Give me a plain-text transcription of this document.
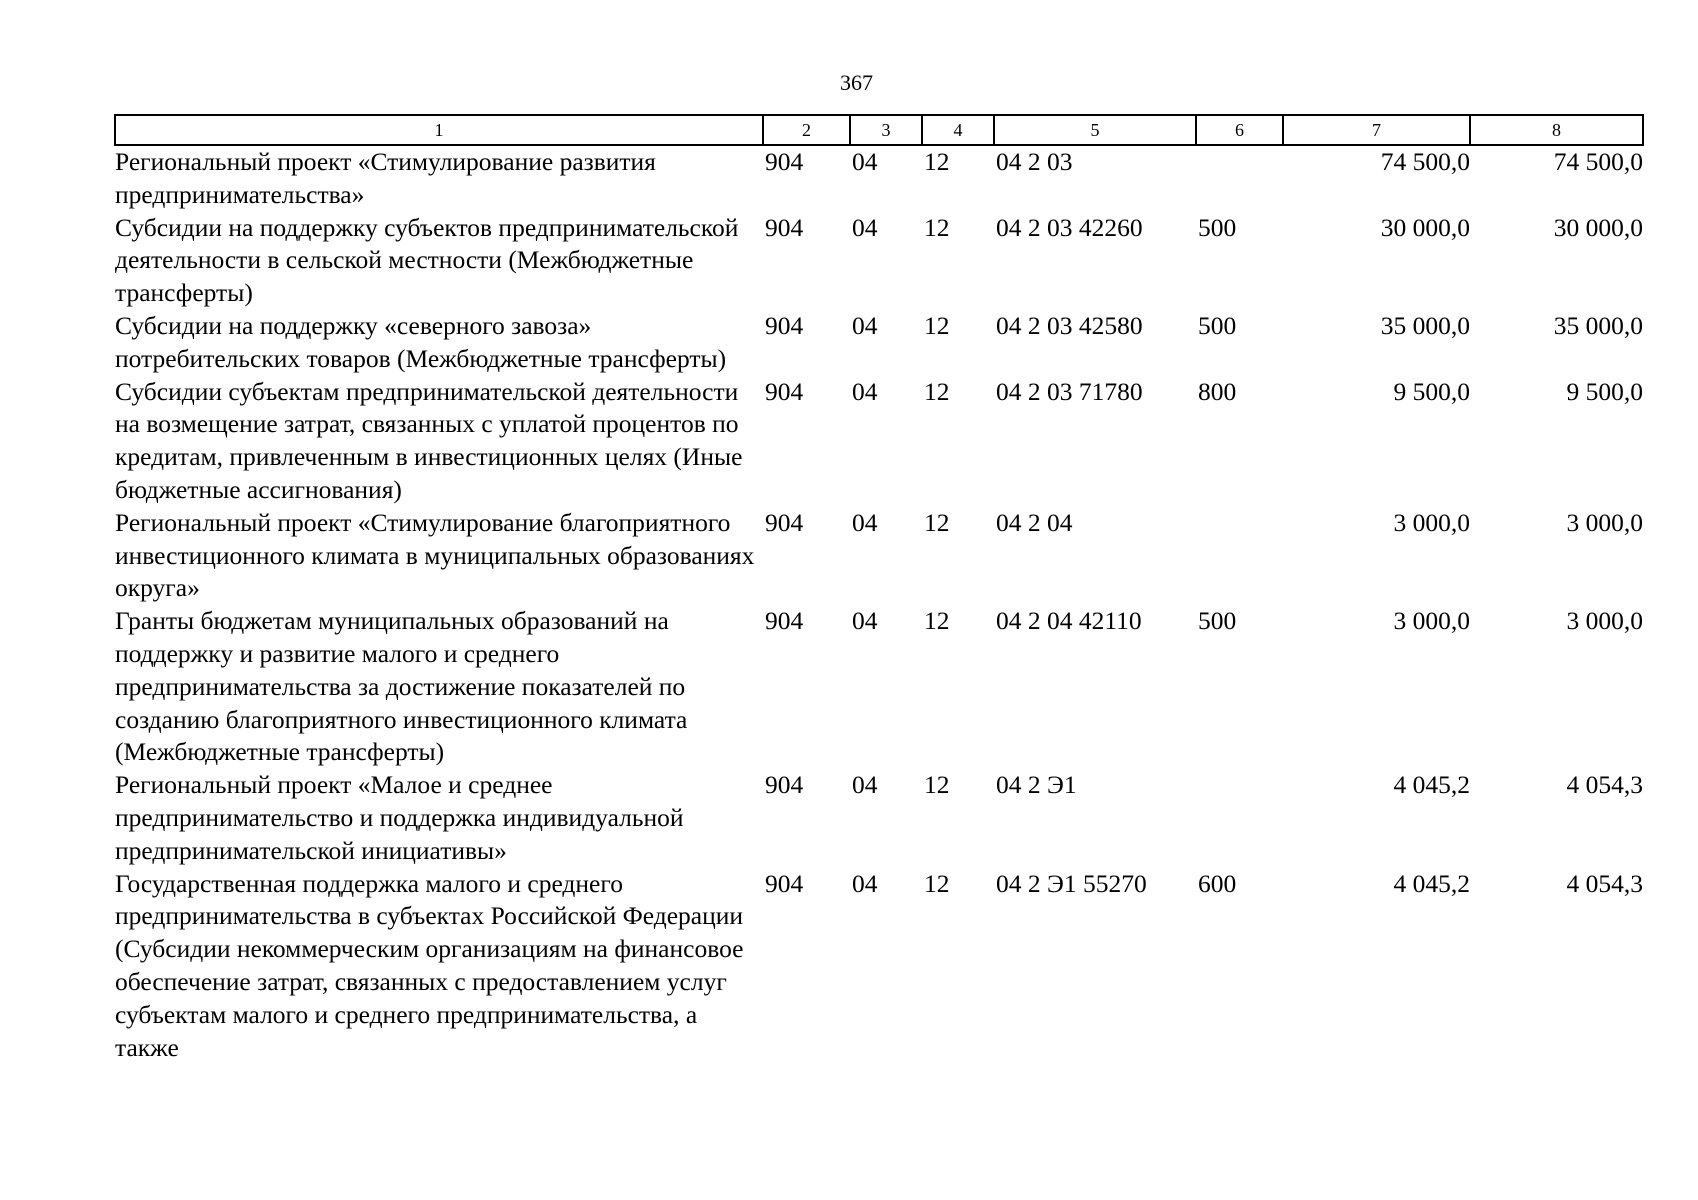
367
1	2	3	4	5	6	7	8
Региональный проект «Стимулирование развития предпринимательства»	904	04	12	04 2 03		74 500,0	74 500,0
Субсидии на поддержку субъектов предпринимательской деятельности в сельской местности (Межбюджетные трансферты)	904	04	12	04 2 03 42260	500	30 000,0	30 000,0
Субсидии на поддержку «северного завоза» потребительских товаров (Межбюджетные трансферты)	904	04	12	04 2 03 42580	500	35 000,0	35 000,0
Субсидии субъектам предпринимательской деятельности на возмещение затрат, связанных с уплатой процентов по кредитам, привлеченным в инвестиционных целях (Иные бюджетные ассигнования)	904	04	12	04 2 03 71780	800	9 500,0	9 500,0
Региональный проект «Стимулирование благоприятного инвестиционного климата в муниципальных образованиях округа»	904	04	12	04 2 04		3 000,0	3 000,0
Гранты бюджетам муниципальных образований на поддержку и развитие малого и среднего предпринимательства за достижение показателей по созданию благоприятного инвестиционного климата (Межбюджетные трансферты)	904	04	12	04 2 04 42110	500	3 000,0	3 000,0
Региональный проект «Малое и среднее предпринимательство и поддержка индивидуальной предпринимательской инициативы»	904	04	12	04 2 Э1		4 045,2	4 054,3
Государственная поддержка малого и среднего предпринимательства в субъектах Российской Федерации (Субсидии некоммерческим организациям на финансовое обеспечение затрат, связанных с предоставлением услуг субъектам малого и среднего предпринимательства, а также	904	04	12	04 2 Э1 55270	600	4 045,2	4 054,3
